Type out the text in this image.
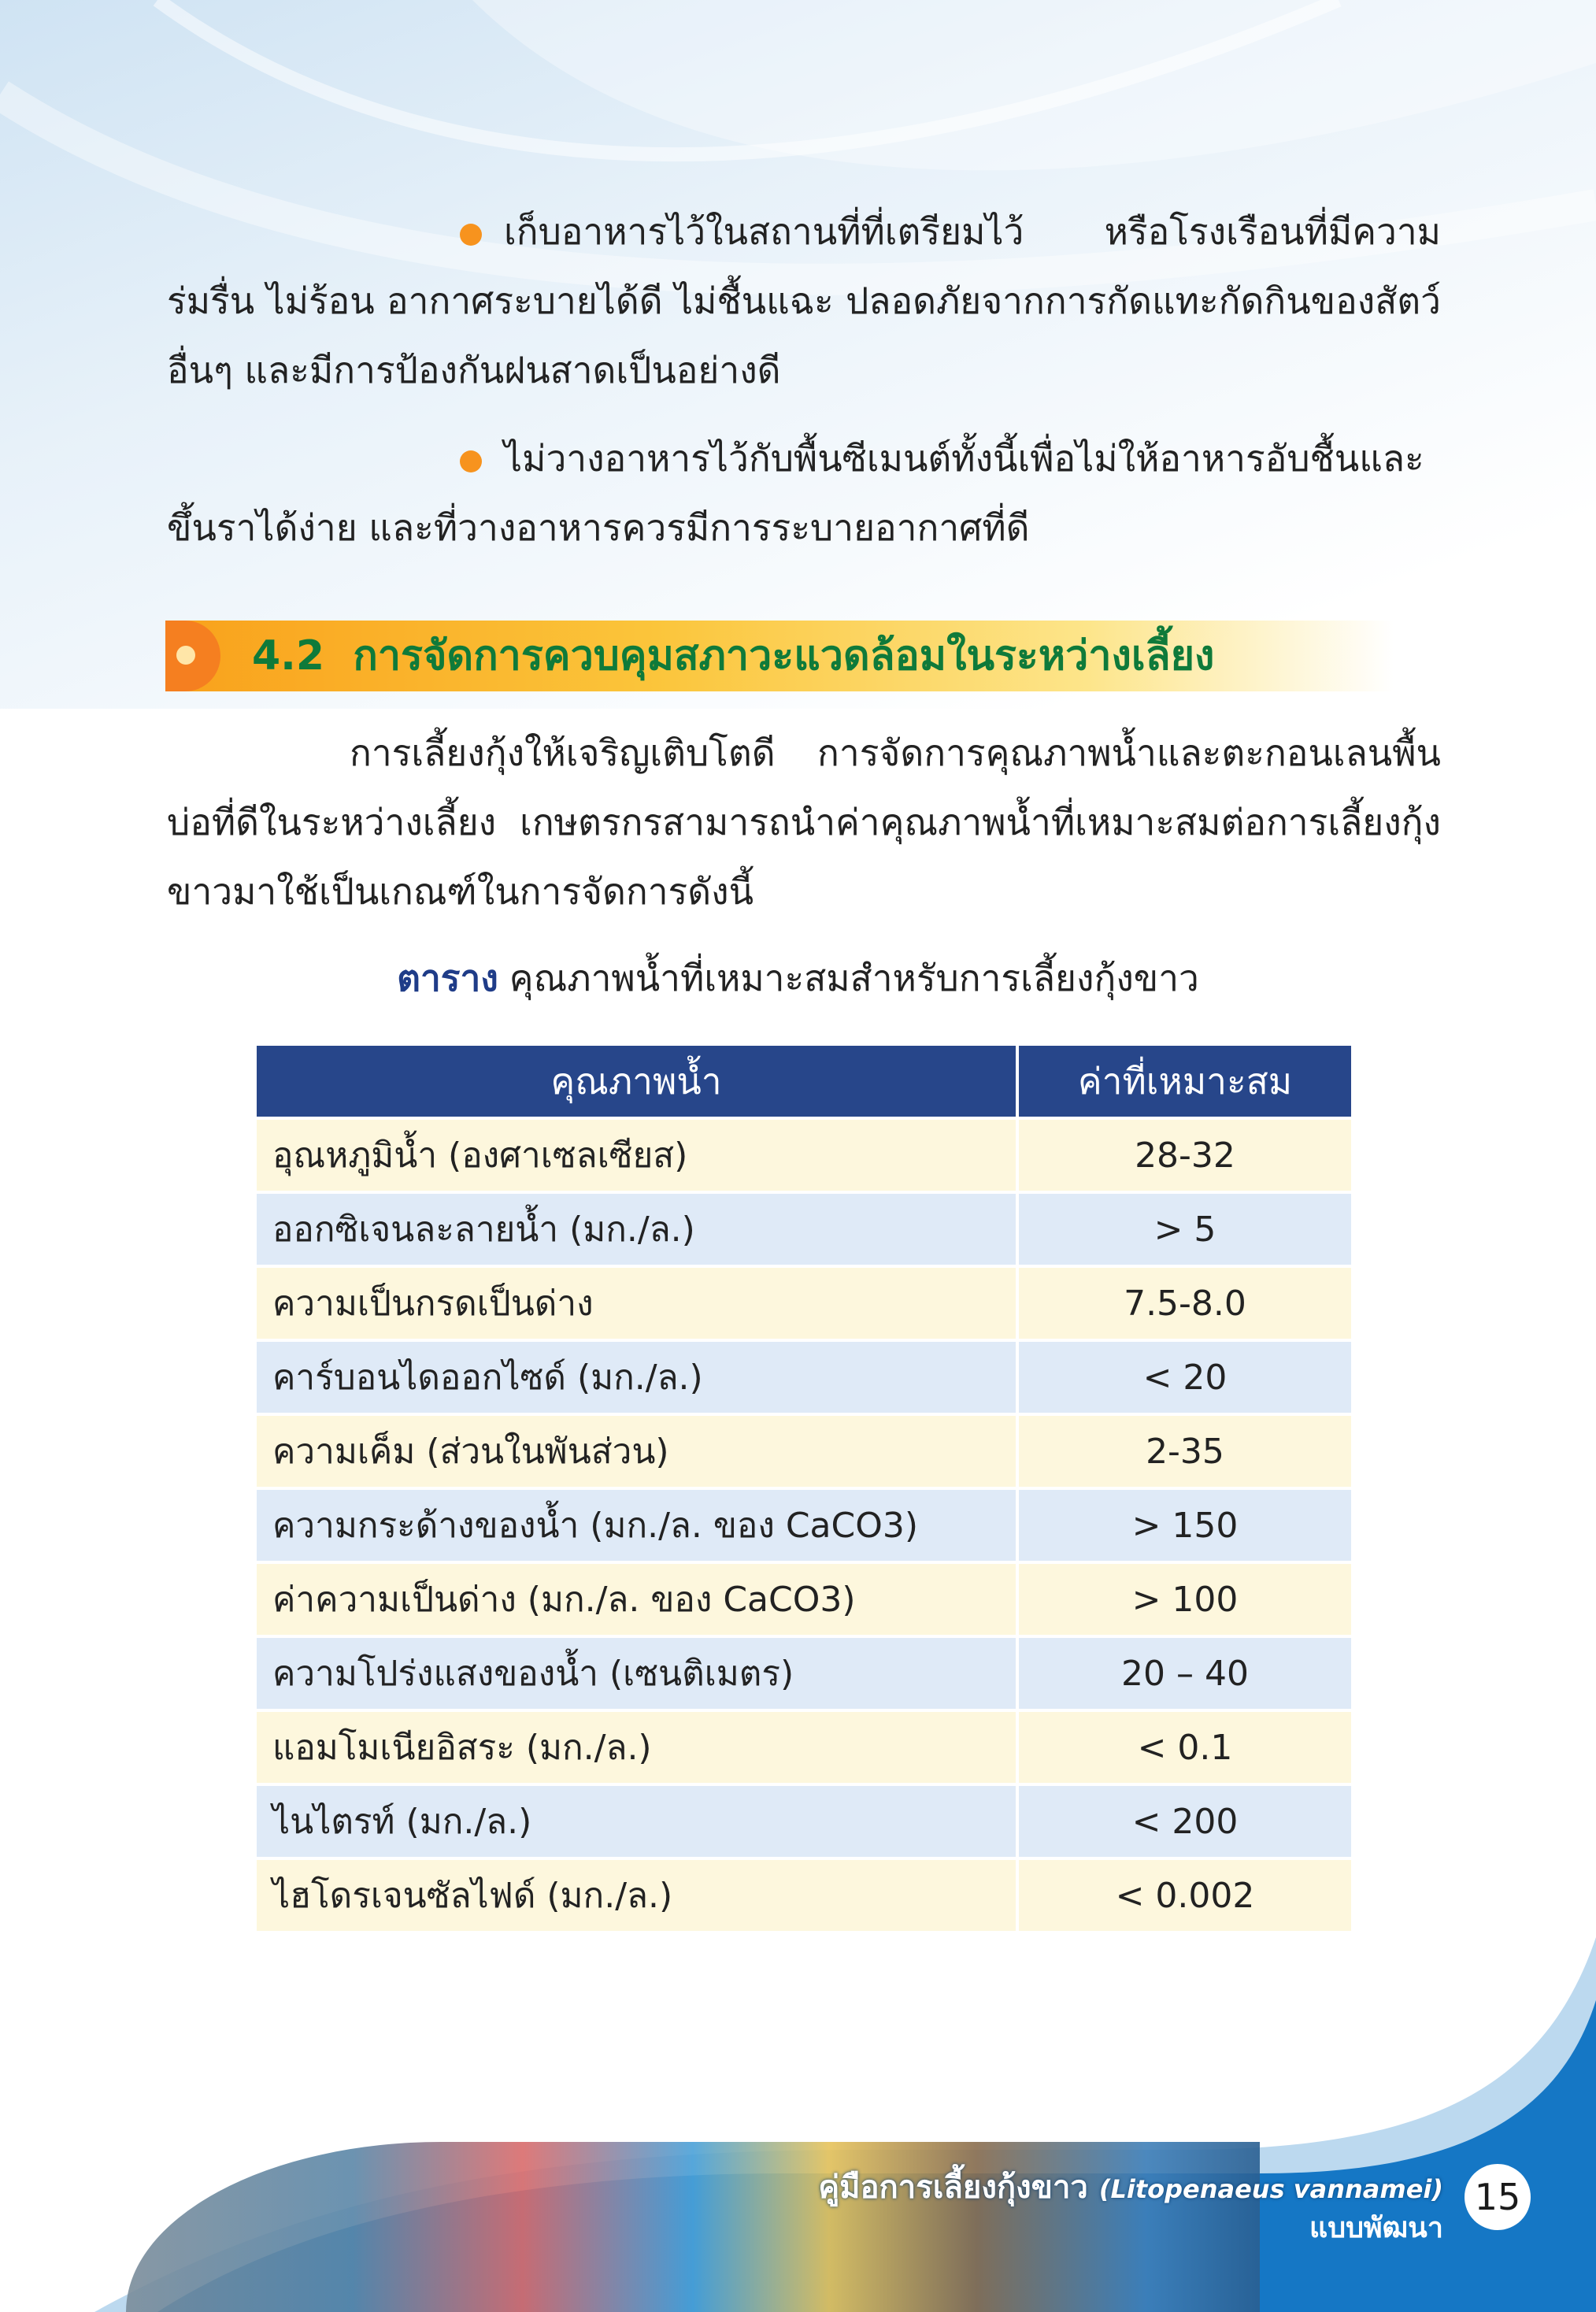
เก็บอาหารไว้ในสถานที่ที่เตรียมไว้ หรือโรงเรือนที่มีความร่มรื่น ไม่ร้อน อากาศระบายได้ดี ไม่ชื้นแฉะ ปลอดภัยจากการกัดแทะกัดกินของสัตว์อื่นๆ และมีการป้องกันฝนสาดเป็นอย่างดี

ไม่วางอาหารไว้กับพื้นซีเมนต์ทั้งนี้เพื่อไม่ให้อาหารอับชื้นและขึ้นราได้ง่าย และที่วางอาหารควรมีการระบายอากาศที่ดี

4.2 การจัดการควบคุมสภาวะแวดล้อมในระหว่างเลี้ยง

การเลี้ยงกุ้งให้เจริญเติบโตดี การจัดการคุณภาพน้ำและตะกอนเลนพื้นบ่อที่ดีในระหว่างเลี้ยง เกษตรกรสามารถนำค่าคุณภาพน้ำที่เหมาะสมต่อการเลี้ยงกุ้งขาวมาใช้เป็นเกณฑ์ในการจัดการดังนี้

ตาราง คุณภาพน้ำที่เหมาะสมสำหรับการเลี้ยงกุ้งขาว
คุณภาพน้ำ	ค่าที่เหมาะสม
อุณหภูมิน้ำ (องศาเซลเซียส)	28-32
ออกซิเจนละลายน้ำ (มก./ล.)	> 5
ความเป็นกรดเป็นด่าง	7.5-8.0
คาร์บอนไดออกไซด์ (มก./ล.)	< 20
ความเค็ม (ส่วนในพันส่วน)	2-35
ความกระด้างของน้ำ (มก./ล. ของ CaCO3)	> 150
ค่าความเป็นด่าง (มก./ล. ของ CaCO3)	> 100
ความโปร่งแสงของน้ำ (เซนติเมตร)	20 – 40
แอมโมเนียอิสระ (มก./ล.)	< 0.1
ไนไตรท์ (มก./ล.)	< 200
ไฮโดรเจนซัลไฟด์ (มก./ล.)	< 0.002
คู่มือการเลี้ยงกุ้งขาว (Litopenaeus vannamei)
แบบพัฒนา
15
